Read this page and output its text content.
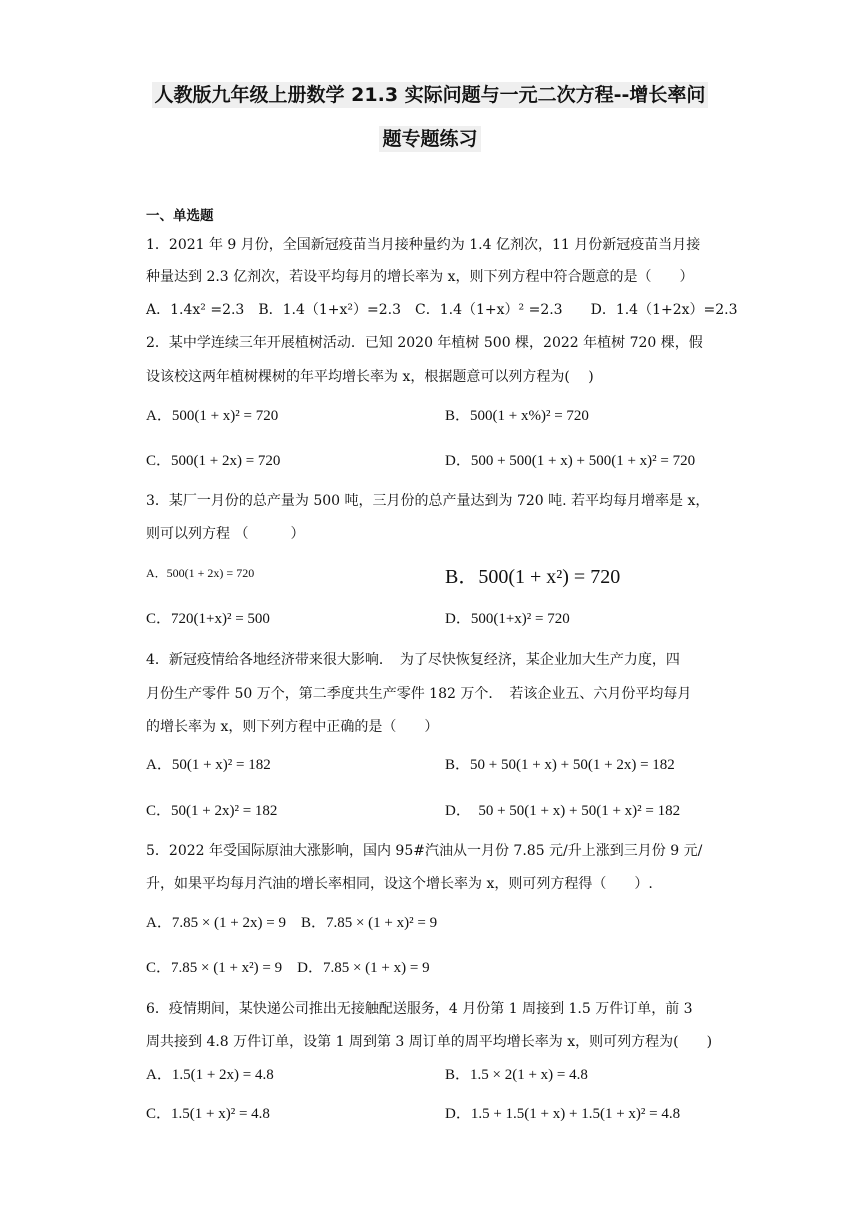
人教版九年级上册数学 21.3 实际问题与一元二次方程--增长率问
题专题练习
一、单选题
1．2021 年 9 月份，全国新冠疫苗当月接种量约为 1.4 亿剂次，11 月份新冠疫苗当月接
种量达到 2.3 亿剂次，若设平均每月的增长率为 x，则下列方程中符合题意的是（　　）
A．1.4x² =2.3　B．1.4（1+x²）=2.3　C．1.4（1+x）² =2.3　　D．1.4（1+2x）=2.3
2．某中学连续三年开展植树活动．已知 2020 年植树 500 棵，2022 年植树 720 棵，假
设该校这两年植树棵树的年平均增长率为 x，根据题意可以列方程为(　 )
A．500(1 + x)² = 720	B．500(1 + x%)² = 720
C．500(1 + 2x) = 720	D．500 + 500(1 + x) + 500(1 + x)² = 720
3．某厂一月份的总产量为 500 吨，三月份的总产量达到为 720 吨. 若平均每月增率是 x，
则可以列方程 （　　　）
A．500(1 + 2x) = 720	B．500(1 + x²) = 720
C．720(1+x)² = 500	D．500(1+x)² = 720
4．新冠疫情给各地经济带来很大影响．　为了尽快恢复经济，某企业加大生产力度，四
月份生产零件 50 万个，第二季度共生产零件 182 万个．　若该企业五、六月份平均每月
的增长率为 x，则下列方程中正确的是（　　）
A．50(1 + x)² = 182	B．50 + 50(1 + x) + 50(1 + 2x) = 182
C．50(1 + 2x)² = 182	D．　50 + 50(1 + x) + 50(1 + x)² = 182
5．2022 年受国际原油大涨影响，国内 95#汽油从一月份 7.85 元/升上涨到三月份 9 元/
升，如果平均每月汽油的增长率相同，设这个增长率为 x，则可列方程得（　　）.
A．7.85 × (1 + 2x) = 9　B．7.85 × (1 + x)² = 9
C．7.85 × (1 + x²) = 9　D．7.85 × (1 + x) = 9
6．疫情期间，某快递公司推出无接触配送服务，4 月份第 1 周接到 1.5 万件订单，前 3
周共接到 4.8 万件订单，设第 1 周到第 3 周订单的周平均增长率为 x，则可列方程为(　　)
A．1.5(1 + 2x) = 4.8	B．1.5 × 2(1 + x) = 4.8
C．1.5(1 + x)² = 4.8	D．1.5 + 1.5(1 + x) + 1.5(1 + x)² = 4.8
